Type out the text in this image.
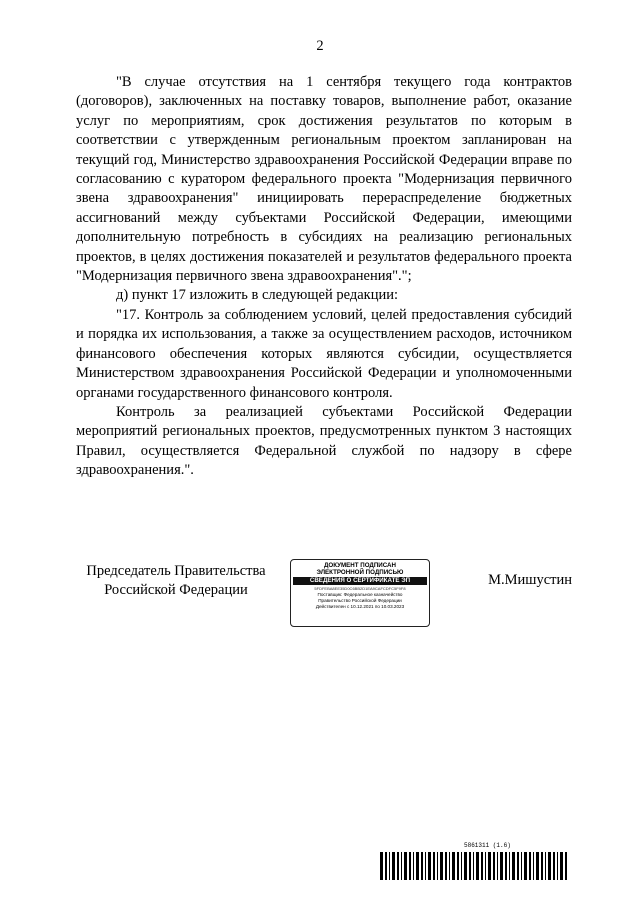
2

"В случае отсутствия на 1 сентября текущего года контрактов (договоров), заключенных на поставку товаров, выполнение работ, оказание услуг по мероприятиям, срок достижения результатов по которым в соответствии с утвержденным региональным проектом запланирован на текущий год, Министерство здравоохранения Российской Федерации вправе по согласованию с куратором федерального проекта "Модернизация первичного звена здравоохранения" инициировать перераспределение бюджетных ассигнований между субъектами Российской Федерации, имеющими дополнительную потребность в субсидиях на реализацию региональных проектов, в целях достижения показателей и результатов федерального проекта "Модернизация первичного звена здравоохранения".";

д) пункт 17 изложить в следующей редакции:

"17. Контроль за соблюдением условий, целей предоставления субсидий и порядка их использования, а также за осуществлением расходов, источником финансового обеспечения которых являются субсидии, осуществляется Министерством здравоохранения Российской Федерации и уполномоченными органами государственного финансового контроля.

Контроль за реализацией субъектами Российской Федерации мероприятий региональных проектов, предусмотренных пунктом 3 настоящих Правил, осуществляется Федеральной службой по надзору в сфере здравоохранения.".

Председатель Правительства
Российской Федерации
ДОКУМЕНТ ПОДПИСАН
ЭЛЕКТРОННОЙ ПОДПИСЬЮ
СВЕДЕНИЯ О СЕРТИФИКАТЕ ЭП
5FDFEBA8EE35D0C6BB2D1EA9CAFCDFC5F9F8
Поставщик: Федеральное казначейство
Правительство Российской Федерации
Действителен с 10.12.2021 по 10.03.2023
М.Мишустин
5861311 (1.6)
